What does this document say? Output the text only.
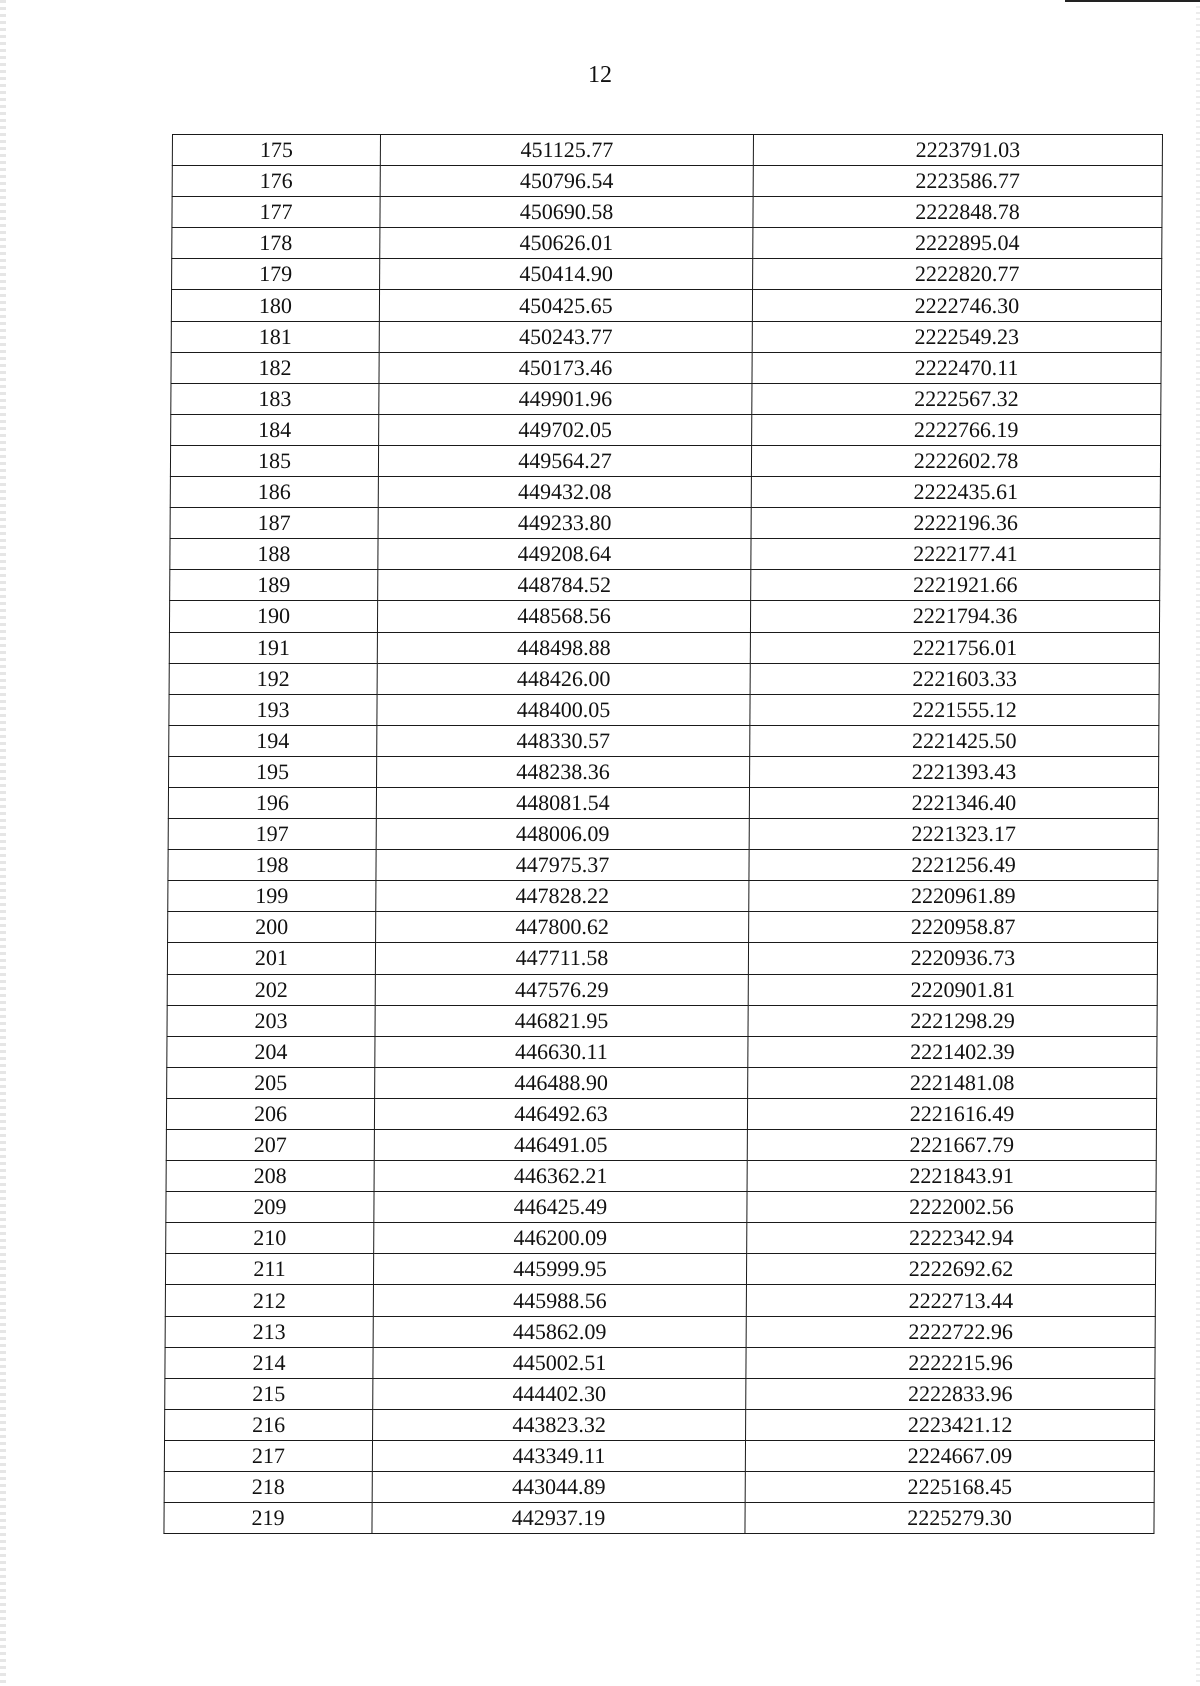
12
175	451125.77	2223791.03
176	450796.54	2223586.77
177	450690.58	2222848.78
178	450626.01	2222895.04
179	450414.90	2222820.77
180	450425.65	2222746.30
181	450243.77	2222549.23
182	450173.46	2222470.11
183	449901.96	2222567.32
184	449702.05	2222766.19
185	449564.27	2222602.78
186	449432.08	2222435.61
187	449233.80	2222196.36
188	449208.64	2222177.41
189	448784.52	2221921.66
190	448568.56	2221794.36
191	448498.88	2221756.01
192	448426.00	2221603.33
193	448400.05	2221555.12
194	448330.57	2221425.50
195	448238.36	2221393.43
196	448081.54	2221346.40
197	448006.09	2221323.17
198	447975.37	2221256.49
199	447828.22	2220961.89
200	447800.62	2220958.87
201	447711.58	2220936.73
202	447576.29	2220901.81
203	446821.95	2221298.29
204	446630.11	2221402.39
205	446488.90	2221481.08
206	446492.63	2221616.49
207	446491.05	2221667.79
208	446362.21	2221843.91
209	446425.49	2222002.56
210	446200.09	2222342.94
211	445999.95	2222692.62
212	445988.56	2222713.44
213	445862.09	2222722.96
214	445002.51	2222215.96
215	444402.30	2222833.96
216	443823.32	2223421.12
217	443349.11	2224667.09
218	443044.89	2225168.45
219	442937.19	2225279.30
